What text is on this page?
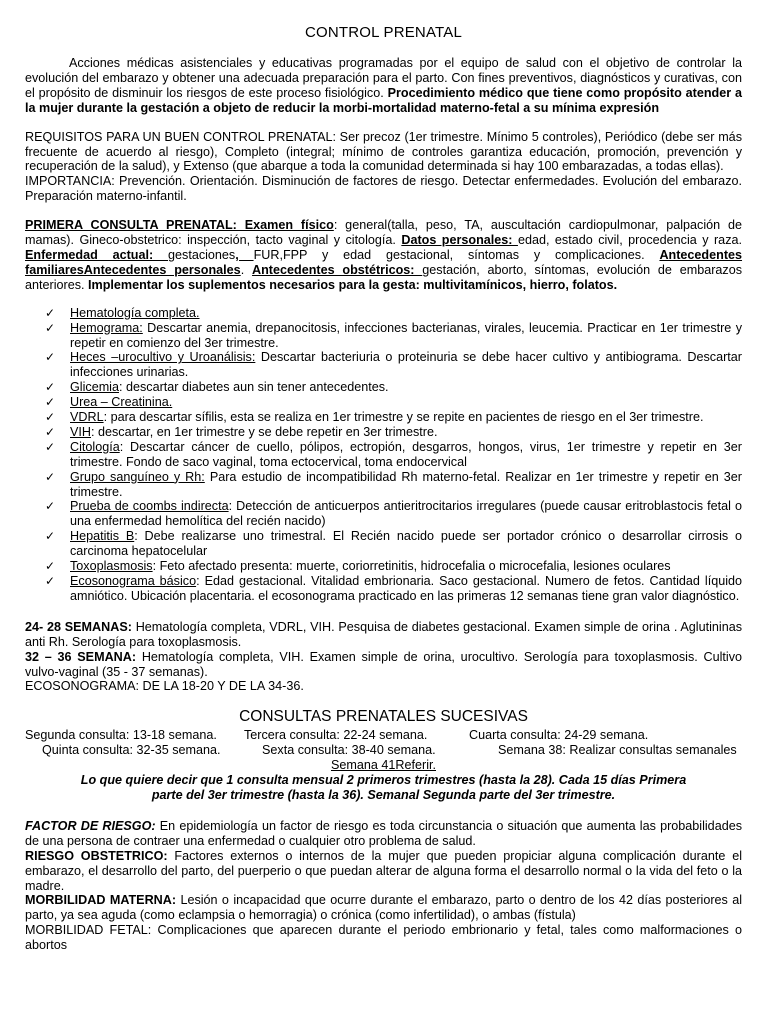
CONTROL PRENATAL

Acciones médicas asistenciales y educativas programadas por el equipo de salud con el objetivo de controlar la evolución del embarazo y obtener una adecuada preparación para el parto. Con fines preventivos, diagnósticos y curativas, con el propósito de disminuir los riesgos de este proceso fisiológico. Procedimiento médico que tiene como propósito atender a la mujer durante la gestación a objeto de reducir la morbi-mortalidad materno-fetal a su mínima expresión

REQUISITOS PARA UN BUEN CONTROL PRENATAL: Ser precoz (1er trimestre. Mínimo 5 controles), Periódico (debe ser más frecuente de acuerdo al riesgo), Completo (integral; mínimo de controles garantiza educación, promoción, prevención y recuperación de la salud), y Extenso (que abarque a toda la comunidad determinada si hay 100 embarazadas, a todas ellas).

IMPORTANCIA: Prevención. Orientación. Disminución de factores de riesgo. Detectar enfermedades. Evolución del embarazo. Preparación materno-infantil.

PRIMERA CONSULTA PRENATAL: Examen físico: general(talla, peso, TA, auscultación cardiopulmonar, palpación de mamas). Gineco-obstetrico: inspección, tacto vaginal y citología. Datos personales: edad, estado civil, procedencia y raza. Enfermedad actual: gestaciones, FUR,FPP y edad gestacional, síntomas y complicaciones. Antecedentes familiaresAntecedentes personales. Antecedentes obstétricos: gestación, aborto, síntomas, evolución de embarazos anteriores. Implementar los suplementos necesarios para la gesta: multivitamínicos, hierro, folatos.

✓ Hematología completa.
✓ Hemograma: Descartar anemia, drepanocitosis, infecciones bacterianas, virales, leucemia. Practicar en 1er trimestre y repetir en comienzo del 3er trimestre.
✓ Heces –urocultivo y Uroanálisis: Descartar bacteriuria o proteinuria se debe hacer cultivo y antibiograma. Descartar infecciones urinarias.
✓ Glicemia: descartar diabetes aun sin tener antecedentes.
✓ Urea – Creatinina.
✓ VDRL: para descartar sífilis, esta se realiza en 1er trimestre y se repite en pacientes de riesgo en el 3er trimestre.
✓ VIH: descartar, en 1er trimestre y se debe repetir en 3er trimestre.
✓ Citología: Descartar cáncer de cuello, pólipos, ectropión, desgarros, hongos, virus, 1er trimestre y repetir en 3er trimestre. Fondo de saco vaginal, toma ectocervical, toma endocervical
✓ Grupo sanguíneo y Rh: Para estudio de incompatibilidad Rh materno-fetal. Realizar en 1er trimestre y repetir en 3er trimestre.
✓ Prueba de coombs indirecta: Detección de anticuerpos antieritrocitarios irregulares (puede causar eritroblastocis fetal o una enfermedad hemolítica del recién nacido)
✓ Hepatitis B: Debe realizarse uno trimestral. El Recién nacido puede ser portador crónico o desarrollar cirrosis o carcinoma hepatocelular
✓ Toxoplasmosis: Feto afectado presenta: muerte, coriorretinitis, hidrocefalia o microcefalia, lesiones oculares
✓ Ecosonograma básico: Edad gestacional. Vitalidad embrionaria. Saco gestacional. Numero de fetos. Cantidad líquido amniótico. Ubicación placentaria. el ecosonograma practicado en las primeras 12 semanas tiene gran valor diagnóstico.

24- 28 SEMANAS: Hematología completa, VDRL, VIH. Pesquisa de diabetes gestacional. Examen simple de orina . Aglutininas anti Rh. Serología para toxoplasmosis.

32 – 36 SEMANA: Hematología completa, VIH. Examen simple de orina, urocultivo. Serología para toxoplasmosis. Cultivo vulvo-vaginal (35 - 37 semanas).

ECOSONOGRAMA: DE LA 18-20 Y DE LA 34-36.

CONSULTAS PRENATALES SUCESIVAS
Segunda consulta: 13-18 semana.	Tercera consulta: 22-24 semana.	Cuarta consulta: 24-29 semana.
Quinta consulta: 32-35 semana.	Sexta consulta: 38-40 semana.	Semana 38: Realizar consultas semanales
Semana 41Referir.

Lo que quiere decir que 1 consulta mensual 2 primeros trimestres (hasta la 28). Cada 15 días Primera parte del 3er trimestre (hasta la 36). Semanal Segunda parte del 3er trimestre.

FACTOR DE RIESGO: En epidemiología un factor de riesgo es toda circunstancia o situación que aumenta las probabilidades de una persona de contraer una enfermedad o cualquier otro problema de salud.

RIESGO OBSTETRICO: Factores externos o internos de la mujer que pueden propiciar alguna complicación durante el embarazo, el desarrollo del parto, del puerperio o que puedan alterar de alguna forma el desarrollo normal o la vida del feto o la madre.

MORBILIDAD MATERNA: Lesión o incapacidad que ocurre durante el embarazo, parto o dentro de los 42 días posteriores al parto, ya sea aguda (como eclampsia o hemorragia) o crónica (como infertilidad), o ambas (fístula)

MORBILIDAD FETAL: Complicaciones que aparecen durante el periodo embrionario y fetal, tales como malformaciones o abortos
